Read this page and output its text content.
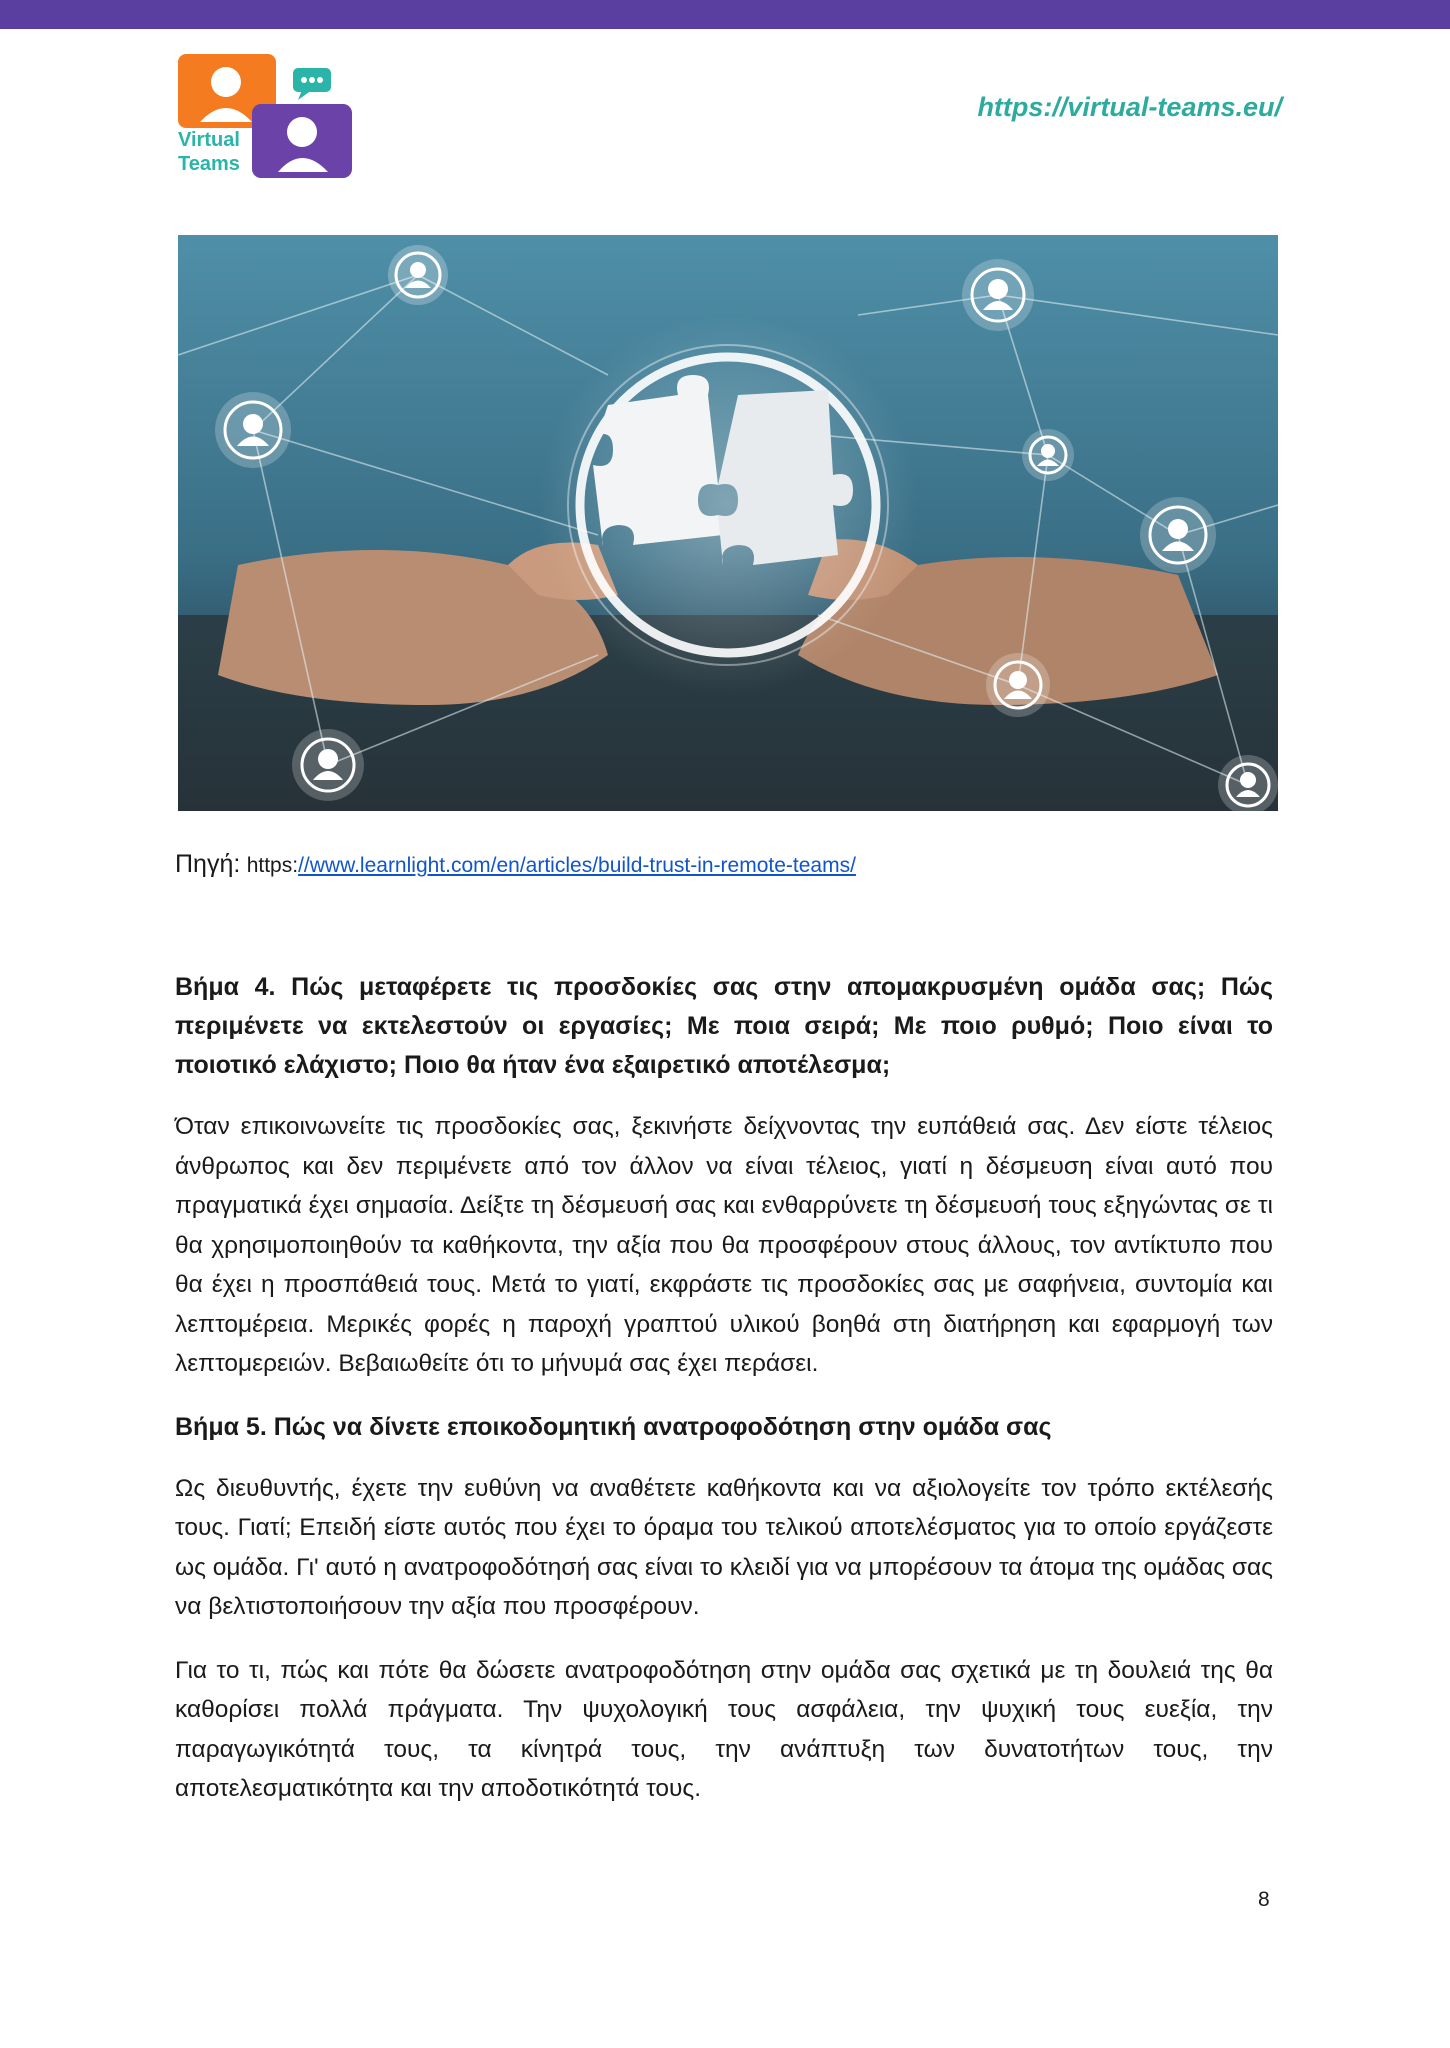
Virtual
Teams
https://virtual-teams.eu/
Πηγή: https://www.learnlight.com/en/articles/build-trust-in-remote-teams/
Βήμα 4. Πώς μεταφέρετε τις προσδοκίες σας στην απομακρυσμένη ομάδα σας; Πώς περιμένετε να εκτελεστούν οι εργασίες; Με ποια σειρά; Με ποιο ρυθμό; Ποιο είναι το ποιοτικό ελάχιστο; Ποιο θα ήταν ένα εξαιρετικό αποτέλεσμα;

Όταν επικοινωνείτε τις προσδοκίες σας, ξεκινήστε δείχνοντας την ευπάθειά σας. Δεν είστε τέλειος άνθρωπος και δεν περιμένετε από τον άλλον να είναι τέλειος, γιατί η δέσμευση είναι αυτό που πραγματικά έχει σημασία. Δείξτε τη δέσμευσή σας και ενθαρρύνετε τη δέσμευσή τους εξηγώντας σε τι θα χρησιμοποιηθούν τα καθήκοντα, την αξία που θα προσφέρουν στους άλλους, τον αντίκτυπο που θα έχει η προσπάθειά τους. Μετά το γιατί, εκφράστε τις προσδοκίες σας με σαφήνεια, συντομία και λεπτομέρεια. Μερικές φορές η παροχή γραπτού υλικού βοηθά στη διατήρηση και εφαρμογή των λεπτομερειών. Βεβαιωθείτε ότι το μήνυμά σας έχει περάσει.

Βήμα 5. Πώς να δίνετε εποικοδομητική ανατροφοδότηση στην ομάδα σας

Ως διευθυντής, έχετε την ευθύνη να αναθέτετε καθήκοντα και να αξιολογείτε τον τρόπο εκτέλεσής τους. Γιατί; Επειδή είστε αυτός που έχει το όραμα του τελικού αποτελέσματος για το οποίο εργάζεστε ως ομάδα. Γι' αυτό η ανατροφοδότησή σας είναι το κλειδί για να μπορέσουν τα άτομα της ομάδας σας να βελτιστοποιήσουν την αξία που προσφέρουν.

Για το τι, πώς και πότε θα δώσετε ανατροφοδότηση στην ομάδα σας σχετικά με τη δουλειά της θα καθορίσει πολλά πράγματα. Την ψυχολογική τους ασφάλεια, την ψυχική τους ευεξία, την παραγωγικότητά τους, τα κίνητρά τους, την ανάπτυξη των δυνατοτήτων τους, την αποτελεσματικότητα και την αποδοτικότητά τους.

8
